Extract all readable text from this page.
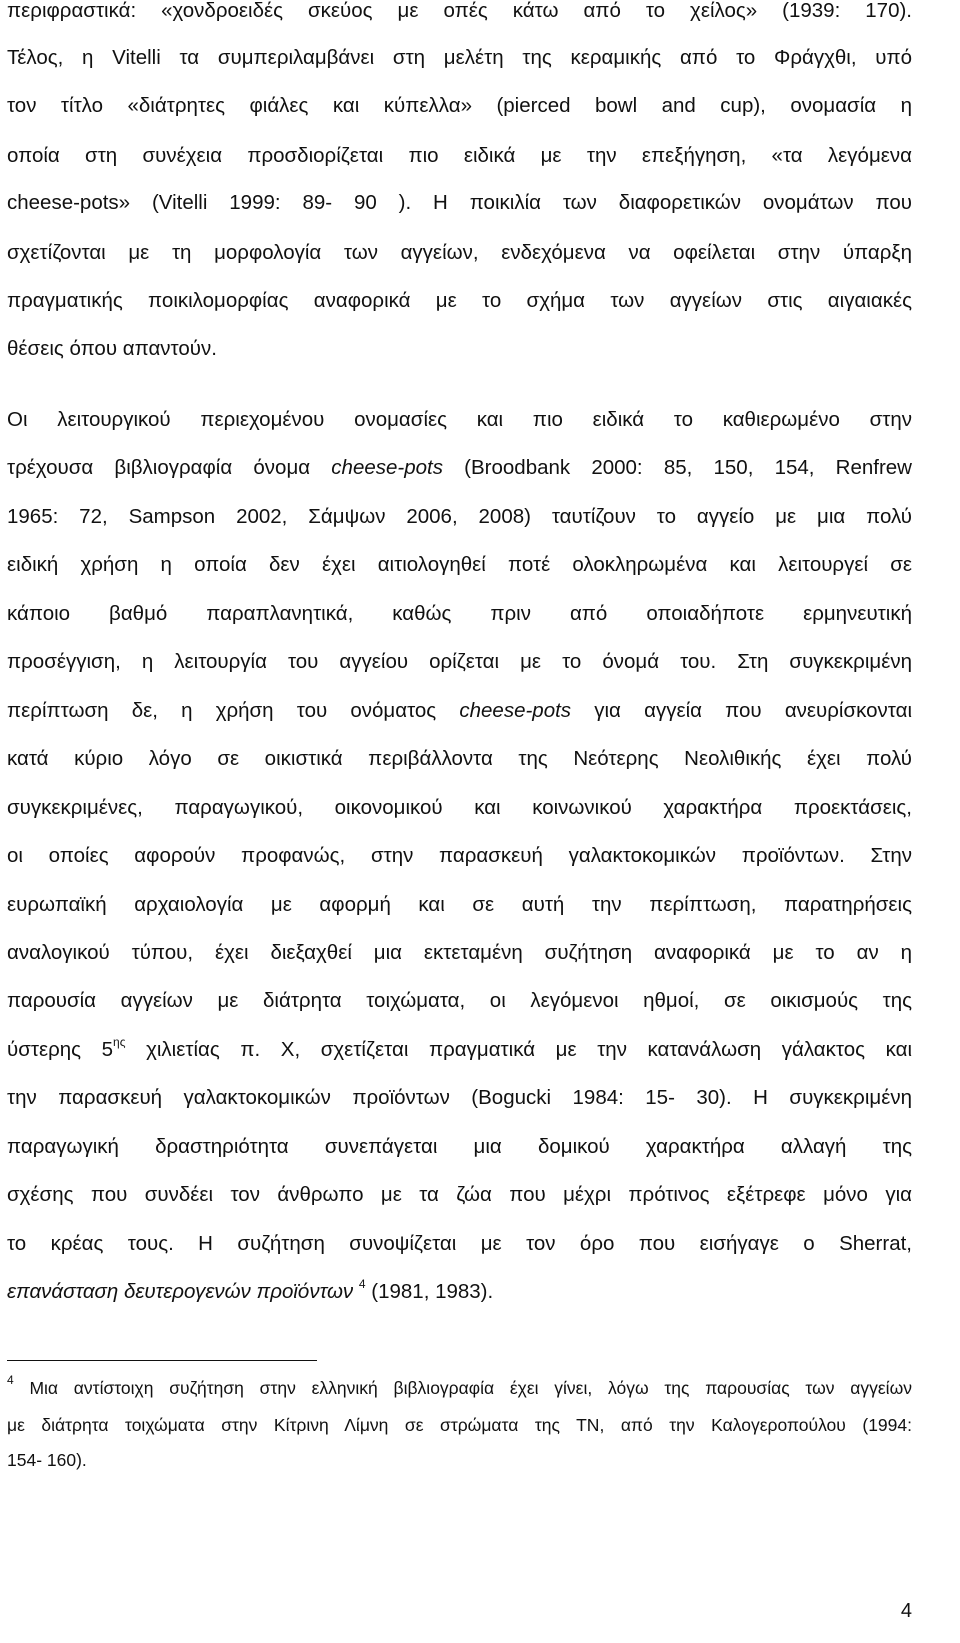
περιφραστικά: «χονδροειδές σκεύος με οπές κάτω από το χείλος» (1939: 170).
Τέλος, η Vitelli τα συμπεριλαμβάνει στη μελέτη της κεραμικής από το Φράγχθι, υπό
τον τίτλο «διάτρητες φιάλες και κύπελλα» (pierced bowl and cup), ονομασία η
οποία στη συνέχεια προσδιορίζεται πιο ειδικά με την επεξήγηση, «τα λεγόμενα
cheese-pots» (Vitelli 1999: 89- 90 ). Η ποικιλία των διαφορετικών ονομάτων που
σχετίζονται με τη μορφολογία των αγγείων, ενδεχόμενα να οφείλεται στην ύπαρξη
πραγματικής ποικιλομορφίας αναφορικά με το σχήμα των αγγείων στις αιγαιακές
θέσεις όπου απαντούν.
Οι λειτουργικού περιεχομένου ονομασίες και πιο ειδικά το καθιερωμένο στην
τρέχουσα βιβλιογραφία όνομα cheese-pots (Broodbank 2000: 85, 150, 154, Renfrew
1965: 72, Sampson 2002, Σάμψων 2006, 2008) ταυτίζουν το αγγείο με μια πολύ
ειδική χρήση η οποία δεν έχει αιτιολογηθεί ποτέ ολοκληρωμένα και λειτουργεί σε
κάποιο βαθμό παραπλανητικά, καθώς πριν από οποιαδήποτε ερμηνευτική
προσέγγιση, η λειτουργία του αγγείου ορίζεται με το όνομά του. Στη συγκεκριμένη
περίπτωση δε, η χρήση του ονόματος cheese-pots για αγγεία που ανευρίσκονται
κατά κύριο λόγο σε οικιστικά περιβάλλοντα της Νεότερης Νεολιθικής έχει πολύ
συγκεκριμένες, παραγωγικού, οικονομικού και κοινωνικού χαρακτήρα προεκτάσεις,
οι οποίες αφορούν προφανώς, στην παρασκευή γαλακτοκομικών προϊόντων. Στην
ευρωπαϊκή αρχαιολογία με αφορμή και σε αυτή την περίπτωση, παρατηρήσεις
αναλογικού τύπου, έχει διεξαχθεί μια εκτεταμένη συζήτηση αναφορικά με το αν η
παρουσία αγγείων με διάτρητα τοιχώματα, οι λεγόμενοι ηθμοί, σε οικισμούς της
ύστερης $5^{\eta\varsigma}$ χιλιετίας π. Χ, σχετίζεται πραγματικά με την κατανάλωση γάλακτος και
την παρασκευή γαλακτοκομικών προϊόντων (Bogucki 1984: 15- 30). Η συγκεκριμένη
παραγωγική δραστηριότητα συνεπάγεται μια δομικού χαρακτήρα αλλαγή της
σχέσης που συνδέει τον άνθρωπο με τα ζώα που μέχρι πρότινος εξέτρεφε μόνο για
το κρέας τους. Η συζήτηση συνοψίζεται με τον όρο που εισήγαγε ο Sherrat,
επανάσταση δευτερογενών προϊόντων $^4$ (1981, 1983).
$^4$ Μια αντίστοιχη συζήτηση στην ελληνική βιβλιογραφία έχει γίνει, λόγω της παρουσίας των αγγείων
με διάτρητα τοιχώματα στην Κίτρινη Λίμνη σε στρώματα της ΤΝ, από την Καλογεροπούλου (1994:
154- 160).
4
